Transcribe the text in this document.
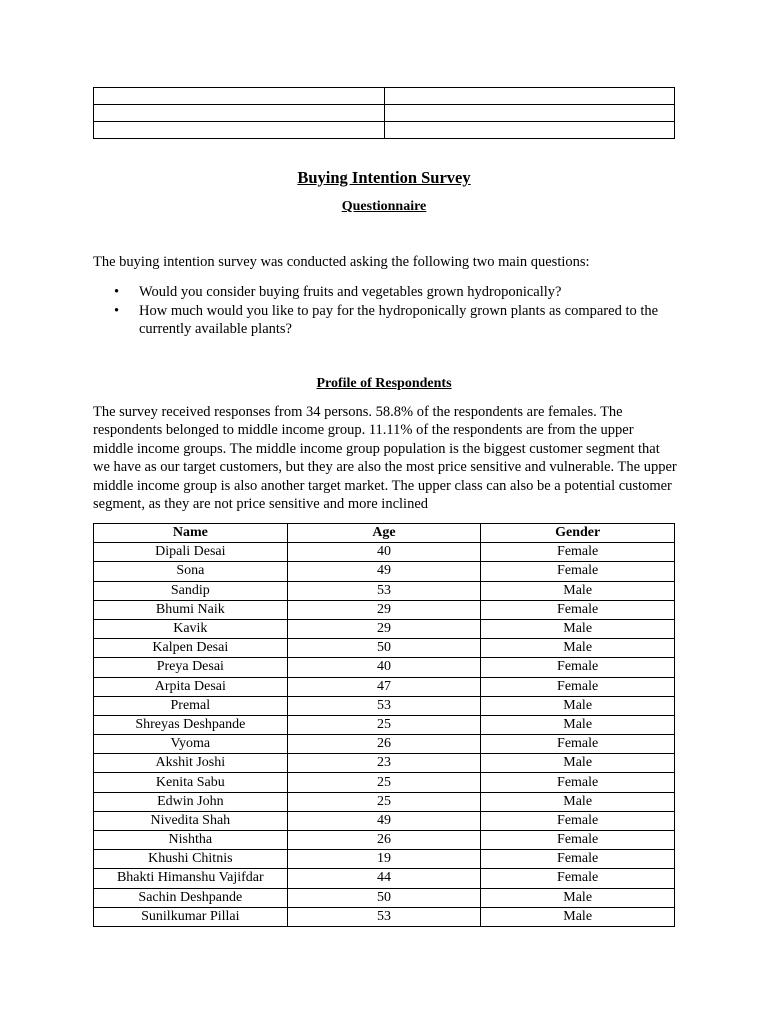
Buying Intention Survey
Questionnaire

The buying intention survey was conducted asking the following two main questions:

• Would you consider buying fruits and vegetables grown hydroponically?
• How much would you like to pay for the hydroponically grown plants as compared to the currently available plants?
Profile of Respondents

The survey received responses from 34 persons. 58.8% of the respondents are females. The respondents belonged to middle income group. 11.11% of the respondents are from the upper middle income groups. The middle income group population is the biggest customer segment that we have as our target customers, but they are also the most price sensitive and vulnerable. The upper middle income group is also another target market. The upper class can also be a potential customer segment, as they are not price sensitive and more inclined

Name	Age	Gender
Dipali Desai	40	Female
Sona	49	Female
Sandip	53	Male
Bhumi Naik	29	Female
Kavik	29	Male
Kalpen Desai	50	Male
Preya Desai	40	Female
Arpita Desai	47	Female
Premal	53	Male
Shreyas Deshpande	25	Male
Vyoma	26	Female
Akshit Joshi	23	Male
Kenita Sabu	25	Female
Edwin John	25	Male
Nivedita Shah	49	Female
Nishtha	26	Female
Khushi Chitnis	19	Female
Bhakti Himanshu Vajifdar	44	Female
Sachin Deshpande	50	Male
Sunilkumar Pillai	53	Male
